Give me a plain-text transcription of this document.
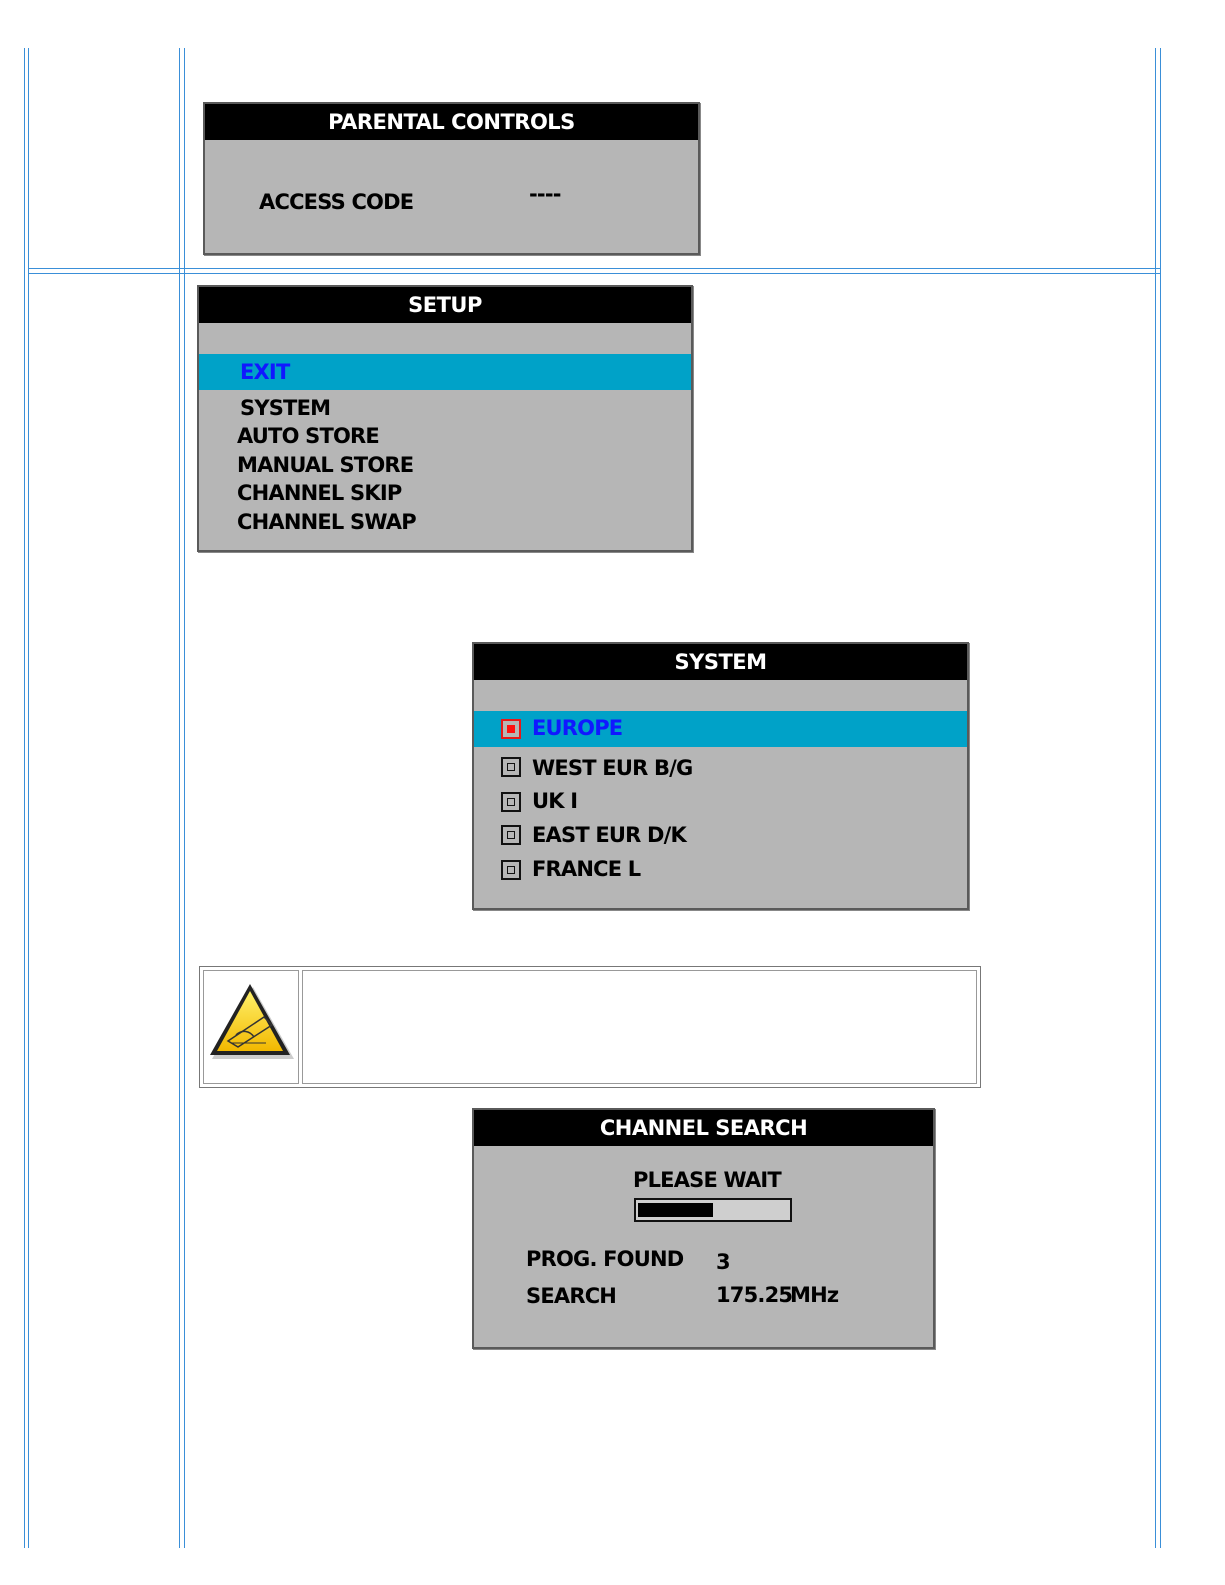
PARENTAL CONTROLS
ACCESS CODE	----
SETUP
EXIT
SYSTEM
AUTO STORE
MANUAL STORE
CHANNEL SKIP
CHANNEL SWAP
SYSTEM
EUROPE
WEST EUR B/G
UK I
EAST EUR D/K
FRANCE L
CHANNEL SEARCH
PLEASE WAIT
PROG. FOUND 3
SEARCH	175.25
MHz
